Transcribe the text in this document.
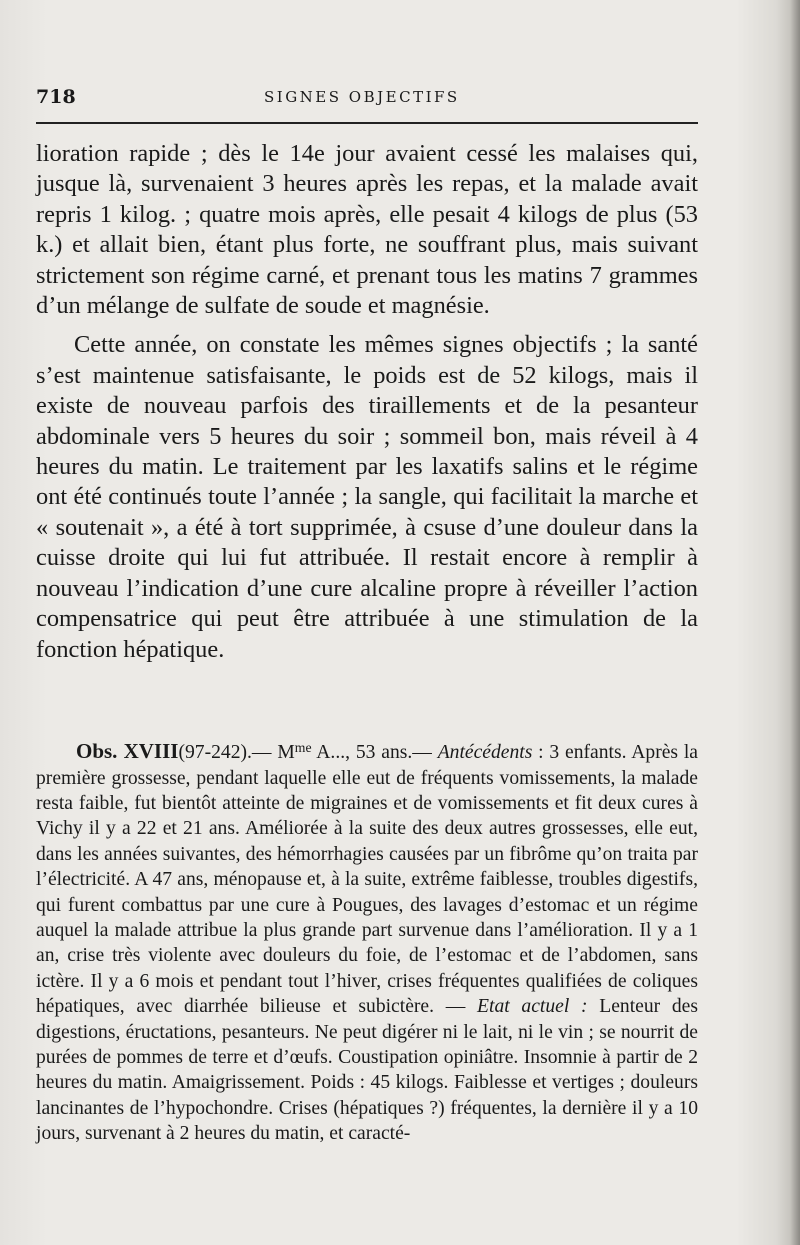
718	SIGNES OBJECTIFS

lioration rapide ; dès le 14e jour avaient cessé les malaises qui, jusque là, survenaient 3 heures après les repas, et la malade avait repris 1 kilog. ; quatre mois après, elle pesait 4 kilogs de plus (53 k.) et allait bien, étant plus forte, ne souffrant plus, mais suivant strictement son régime carné, et prenant tous les matins 7 grammes d’un mélange de sulfate de soude et magnésie.

Cette année, on constate les mêmes signes objectifs ; la santé s’est maintenue satisfaisante, le poids est de 52 kilogs, mais il existe de nouveau parfois des tiraillements et de la pesanteur abdominale vers 5 heures du soir ; sommeil bon, mais réveil à 4 heures du matin. Le traitement par les laxatifs salins et le régime ont été continués toute l’année ; la sangle, qui facilitait la marche et « soutenait », a été à tort supprimée, à csuse d’une douleur dans la cuisse droite qui lui fut attribuée. Il restait encore à remplir à nouveau l’indication d’une cure alcaline propre à réveiller l’action compensatrice qui peut être attribuée à une stimulation de la fonction hépatique.

Obs. XVIII(97-242).— $M^{me}$ A..., 53 ans.— Antécédents : 3 enfants. Après la première grossesse, pendant laquelle elle eut de fréquents vomissements, la malade resta faible, fut bientôt atteinte de migraines et de vomissements et fit deux cures à Vichy il y a 22 et 21 ans. Améliorée à la suite des deux autres grossesses, elle eut, dans les années suivantes, des hémorrhagies causées par un fibrôme qu’on traita par l’électricité. A 47 ans, ménopause et, à la suite, extrême faiblesse, troubles digestifs, qui furent combattus par une cure à Pougues, des lavages d’estomac et un régime auquel la malade attribue la plus grande part survenue dans l’amélioration. Il y a 1 an, crise très violente avec douleurs du foie, de l’estomac et de l’abdomen, sans ictère. Il y a 6 mois et pendant tout l’hiver, crises fréquentes qualifiées de coliques hépatiques, avec diarrhée bilieuse et subictère. — Etat actuel : Lenteur des digestions, éructations, pesanteurs. Ne peut digérer ni le lait, ni le vin ; se nourrit de purées de pommes de terre et d’œufs. Coustipation opiniâtre. Insomnie à partir de 2 heures du matin. Amaigrissement. Poids : 45 kilogs. Faiblesse et vertiges ; douleurs lancinantes de l’hypochondre. Crises (hépatiques ?) fréquentes, la dernière il y a 10 jours, survenant à 2 heures du matin, et caracté-
